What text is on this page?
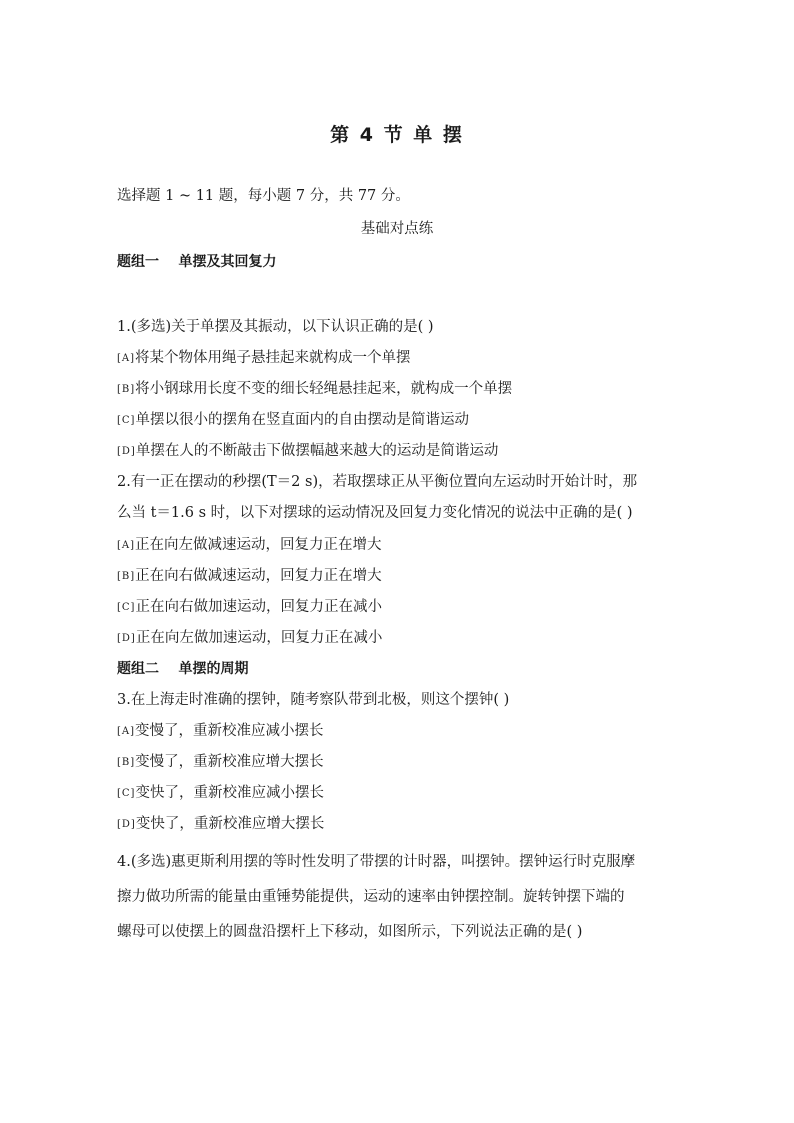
第 4 节 单 摆
选择题 1 ~ 11 题，每小题 7 分，共 77 分。
基础对点练
题组一 单摆及其回复力
1.(多选)关于单摆及其振动，以下认识正确的是( )
[A]将某个物体用绳子悬挂起来就构成一个单摆
[B]将小钢球用长度不变的细长轻绳悬挂起来，就构成一个单摆
[C]单摆以很小的摆角在竖直面内的自由摆动是简谐运动
[D]单摆在人的不断敲击下做摆幅越来越大的运动是简谐运动
2.有一正在摆动的秒摆(T＝2 s)，若取摆球正从平衡位置向左运动时开始计时，那
么当 t＝1.6 s 时，以下对摆球的运动情况及回复力变化情况的说法中正确的是( )
[A]正在向左做减速运动，回复力正在增大
[B]正在向右做减速运动，回复力正在增大
[C]正在向右做加速运动，回复力正在减小
[D]正在向左做加速运动，回复力正在减小
题组二 单摆的周期
3.在上海走时准确的摆钟，随考察队带到北极，则这个摆钟( )
[A]变慢了，重新校准应减小摆长
[B]变慢了，重新校准应增大摆长
[C]变快了，重新校准应减小摆长
[D]变快了，重新校准应增大摆长
4.(多选)惠更斯利用摆的等时性发明了带摆的计时器，叫摆钟。摆钟运行时克服摩
擦力做功所需的能量由重锤势能提供，运动的速率由钟摆控制。旋转钟摆下端的
螺母可以使摆上的圆盘沿摆杆上下移动，如图所示，下列说法正确的是( )
